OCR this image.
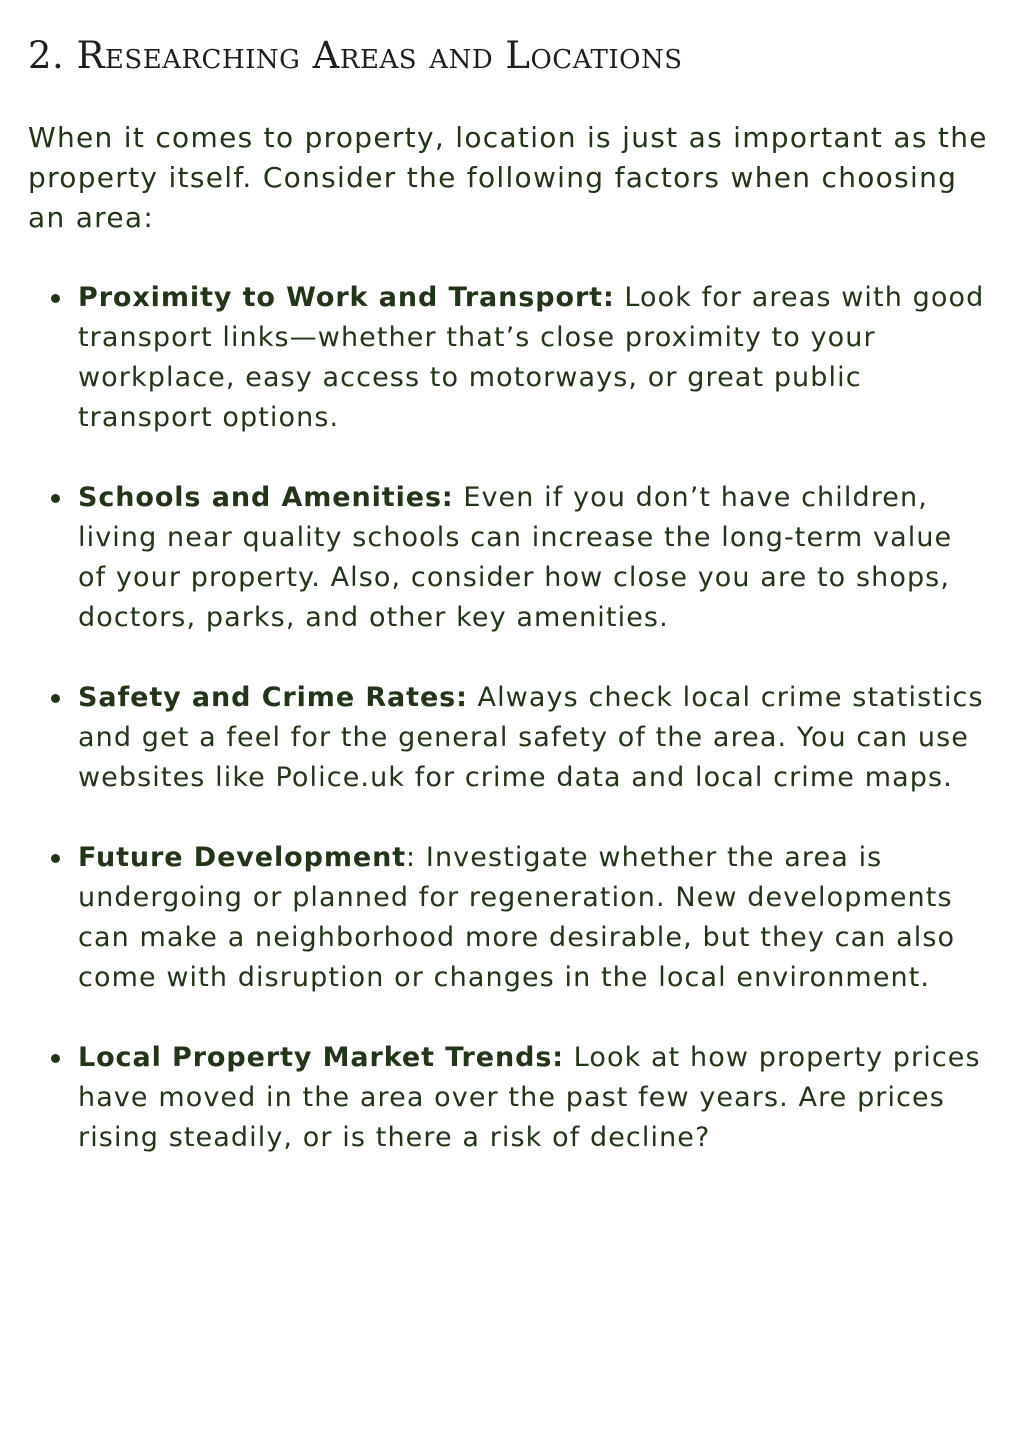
2. Researching Areas and Locations

When it comes to property, location is just as important as the property itself. Consider the following factors when choosing an area:

Proximity to Work and Transport: Look for areas with good transport links—whether that’s close proximity to your workplace, easy access to motorways, or great public transport options.
Schools and Amenities: Even if you don’t have children, living near quality schools can increase the long-term value of your property. Also, consider how close you are to shops, doctors, parks, and other key amenities.
Safety and Crime Rates: Always check local crime statistics and get a feel for the general safety of the area. You can use websites like Police.uk for crime data and local crime maps.
Future Development: Investigate whether the area is undergoing or planned for regeneration. New developments can make a neighborhood more desirable, but they can also come with disruption or changes in the local environment.
Local Property Market Trends: Look at how property prices have moved in the area over the past few years. Are prices rising steadily, or is there a risk of decline?
